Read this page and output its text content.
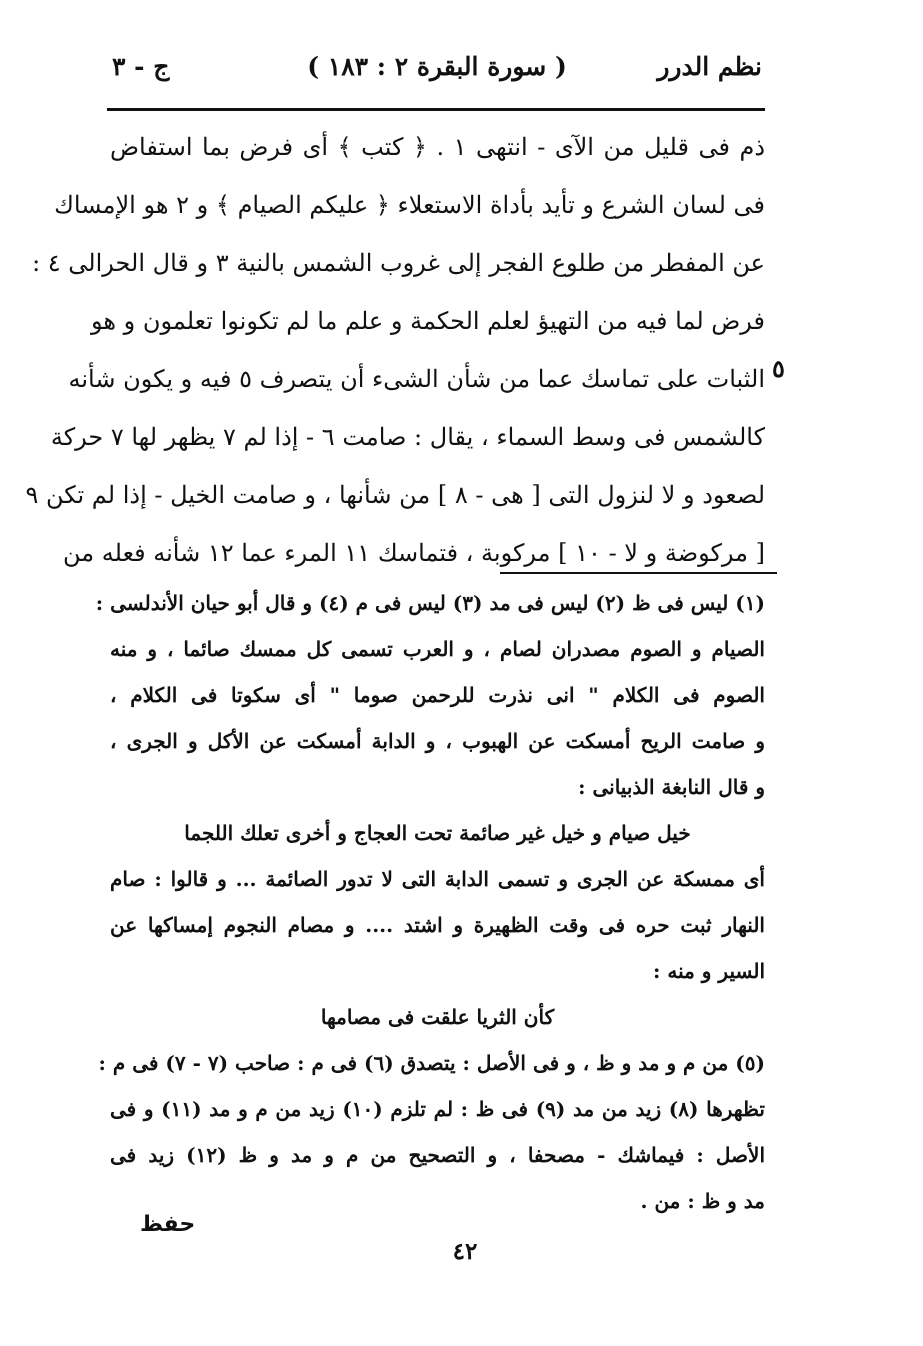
نظم الدرر
( سورة البقرة ٢ : ١٨٣ )
ج - ٣
ذم فى قليل من الآى - انتهى ١ . ﴿ كتب ﴾ أى فرض بما استفاض
فى لسان الشرع و تأيد بأداة الاستعلاء ﴿ عليكم الصيام ﴾ و ٢ هو الإمساك
عن المفطر من طلوع الفجر إلى غروب الشمس بالنية ٣ و قال الحرالى ٤ :
فرض لما فيه من التهيؤ لعلم الحكمة و علم ما لم تكونوا تعلمون و هو
الثبات على تماسك عما من شأن الشىء أن يتصرف ٥ فيه و يكون شأنه
كالشمس فى وسط السماء ، يقال : صامت ٦ - إذا لم ٧ يظهر لها ٧ حركة
لصعود و لا لنزول التى [ هى - ٨ ] من شأنها ، و صامت الخيل - إذا لم تكن ٩
[ مركوضة و لا - ١٠ ] مركوبة ، فتماسك ١١ المرء عما ١٢ شأنه فعله من
٥
(١) ليس فى ظ (٢) ليس فى مد (٣) ليس فى م (٤) و قال أبو حيان الأندلسى :
الصيام و الصوم مصدران لصام ، و العرب تسمى كل ممسك صائما ، و منه
الصوم فى الكلام " انى نذرت للرحمن صوما " أى سكوتا فى الكلام ،
و صامت الريح أمسكت عن الهبوب ، و الدابة أمسكت عن الأكل و الجرى ،
و قال النابغة الذبيانى :
خيل صيام و خيل غير صائمة تحت العجاج و أخرى تعلك اللجما
أى ممسكة عن الجرى و تسمى الدابة التى لا تدور الصائمة ... و قالوا : صام
النهار ثبت حره فى وقت الظهيرة و اشتد .... و مصام النجوم إمساكها عن
السير و منه :
كأن الثريا علقت فى مصامها
(٥) من م و مد و ظ ، و فى الأصل : يتصدق (٦) فى م : صاحب (٧ - ٧) فى م :
تظهرها (٨) زيد من مد (٩) فى ظ : لم تلزم (١٠) زيد من م و مد (١١) و فى
الأصل : فيماشك - مصحفا ، و التصحيح من م و مد و ظ (١٢) زيد فى
مد و ظ : من .
حفظ
٤٢
